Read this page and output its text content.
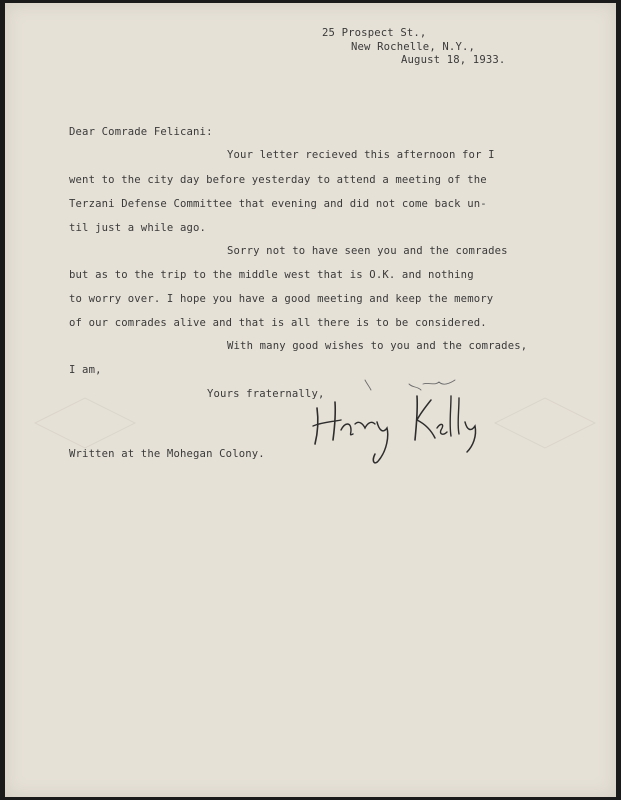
25 Prospect St.,
New Rochelle, N.Y.,
August 18, 1933.
Dear Comrade Felicani:
Your letter recieved this afternoon for I
went to the city day before yesterday to attend a meeting of the
Terzani Defense Committee that evening and did not come back un-
til just a while ago.
Sorry not to have seen you and the comrades
but as to the trip to the middle west that is O.K. and nothing
to worry over. I hope you have a good meeting and keep the memory
of our comrades alive and that is all there is to be considered.
With many good wishes to you and the comrades,
I am,
Yours fraternally,
Written at the Mohegan Colony.
